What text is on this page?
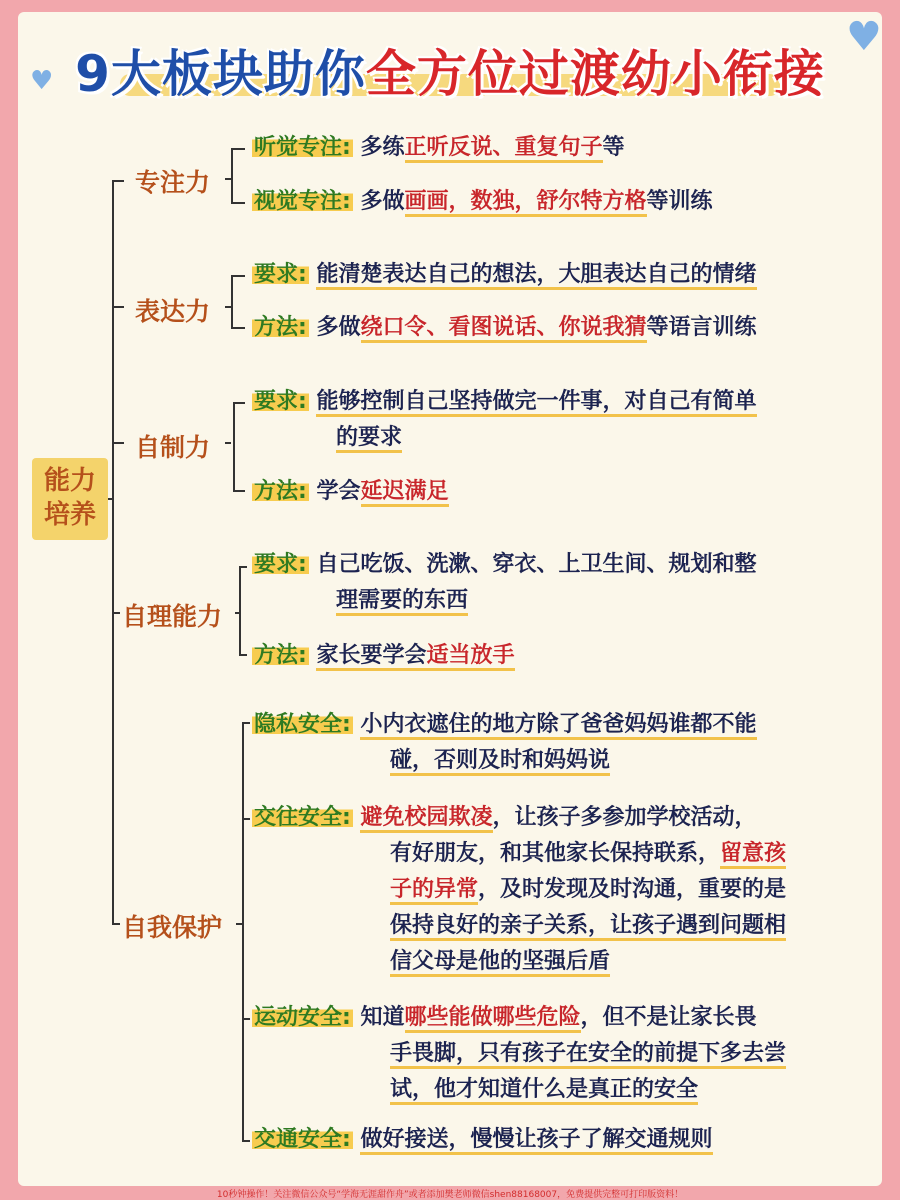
♥
♥
9大板块助你全方位过渡幼小衔接
能力
培养
专注力
表达力
自制力
自理能力
自我保护
听觉专注: 多练正听反说、重复句子等
视觉专注: 多做画画，数独，舒尔特方格等训练
要求: 能清楚表达自己的想法，大胆表达自己的情绪
方法: 多做绕口令、看图说话、你说我猜等语言训练
要求: 能够控制自己坚持做完一件事，对自己有简单
的要求
方法: 学会延迟满足
要求: 自己吃饭、洗漱、穿衣、上卫生间、规划和整
理需要的东西
方法: 家长要学会适当放手
隐私安全: 小内衣遮住的地方除了爸爸妈妈谁都不能
碰，否则及时和妈妈说
交往安全: 避免校园欺凌，让孩子多参加学校活动，
有好朋友，和其他家长保持联系，留意孩
子的异常，及时发现及时沟通，重要的是
保持良好的亲子关系，让孩子遇到问题相
信父母是他的坚强后盾
运动安全: 知道哪些能做哪些危险，但不是让家长畏
手畏脚，只有孩子在安全的前提下多去尝
试，他才知道什么是真正的安全
交通安全: 做好接送，慢慢让孩子了解交通规则
10秒钟操作！关注微信公众号“学海无涯甜作舟”或者添加樊老师微信shen88168007，免费提供完整可打印版资料！
